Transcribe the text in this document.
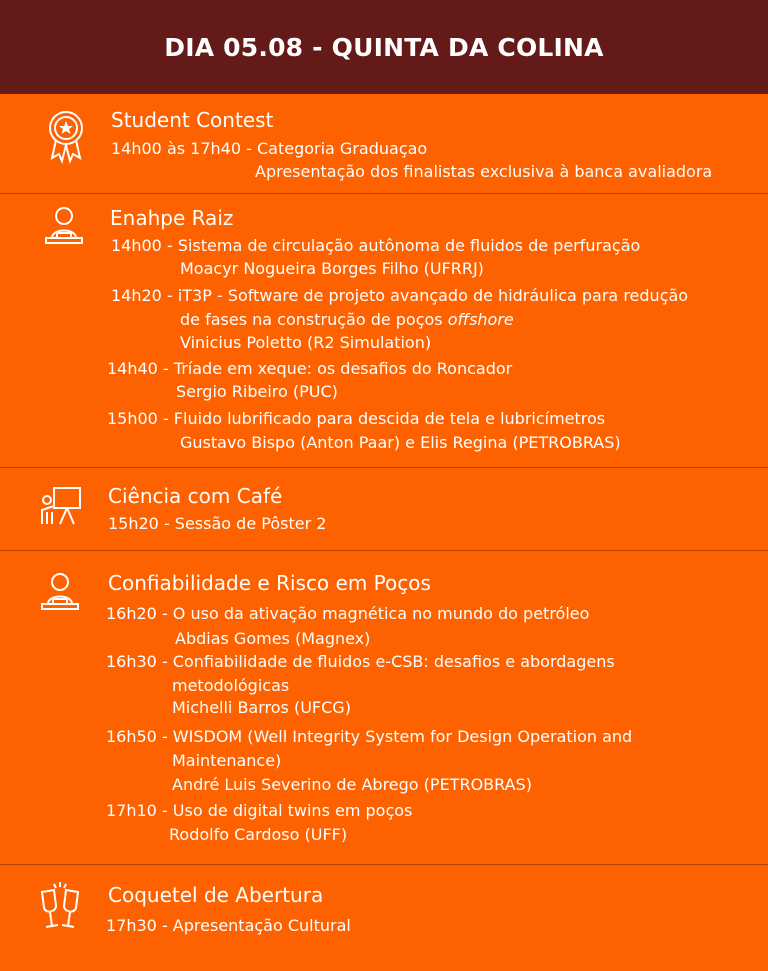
DIA 05.08 - QUINTA DA COLINA
Student Contest
14h00 às 17h40 - Categoria Graduaçao
Apresentação dos finalistas exclusiva à banca avaliadora
Enahpe Raiz
14h00 - Sistema de circulação autônoma de fluidos de perfuração
Moacyr Nogueira Borges Filho (UFRRJ)
14h20 - iT3P - Software de projeto avançado de hidráulica para redução
de fases na construção de poços offshore
Vinicius Poletto (R2 Simulation)
14h40 - Tríade em xeque: os desafios do Roncador
Sergio Ribeiro (PUC)
15h00 - Fluido lubrificado para descida de tela e lubricímetros
Gustavo Bispo (Anton Paar) e Elis Regina (PETROBRAS)
Ciência com Café
15h20 - Sessão de Pôster 2
Confiabilidade e Risco em Poços
16h20 - O uso da ativação magnética no mundo do petróleo
Abdias Gomes (Magnex)
16h30 - Confiabilidade de fluidos e-CSB: desafios e abordagens
metodológicas
Michelli Barros (UFCG)
16h50 - WISDOM (Well Integrity System for Design Operation and
Maintenance)
André Luis Severino de Abrego (PETROBRAS)
17h10 - Uso de digital twins em poços
Rodolfo Cardoso (UFF)
Coquetel de Abertura
17h30 - Apresentação Cultural
